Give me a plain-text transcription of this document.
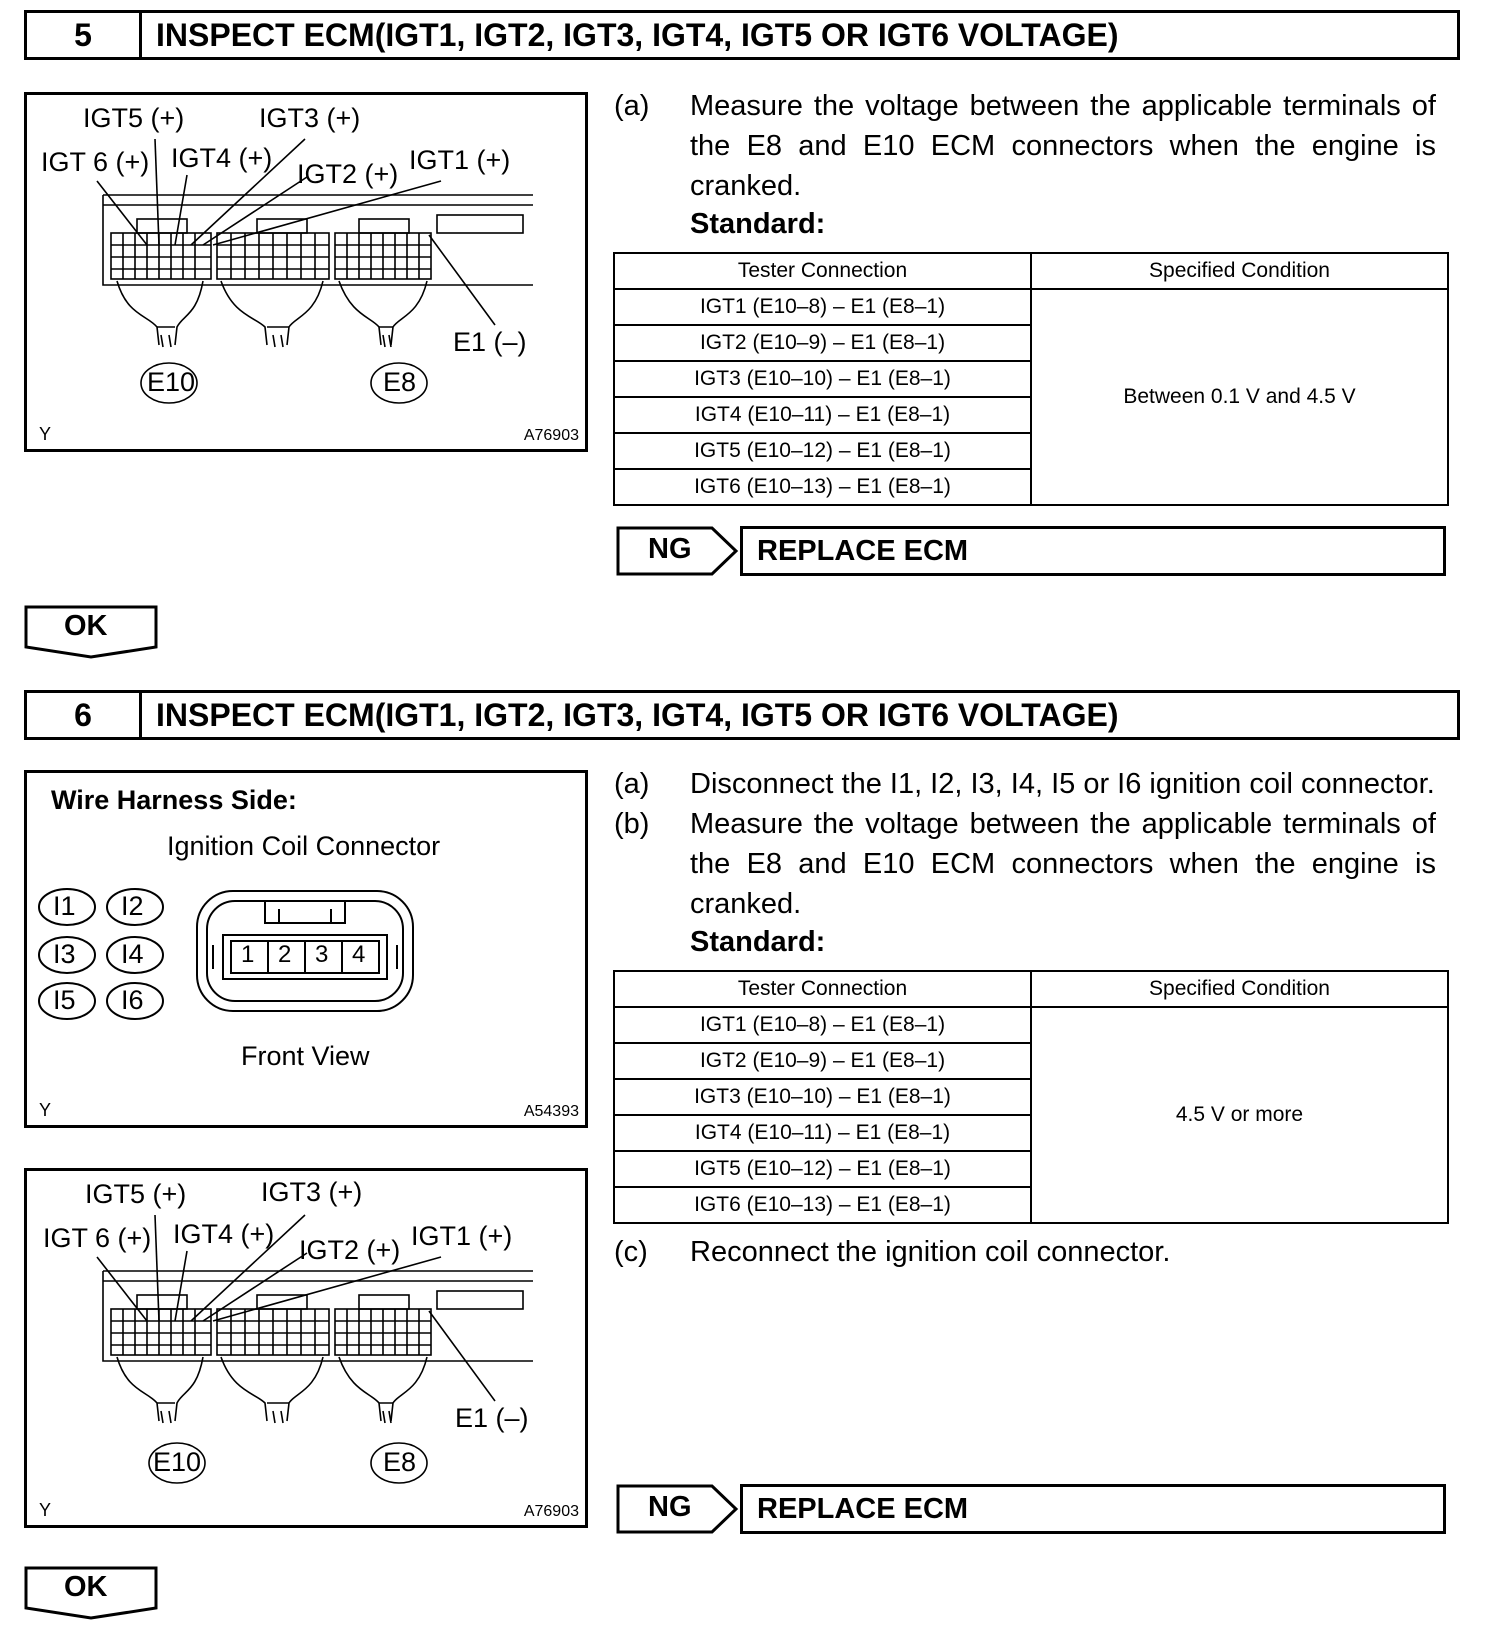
5	INSPECT ECM(IGT1, IGT2, IGT3, IGT4, IGT5 OR IGT6 VOLTAGE)
IGT5 (+)	IGT3 (+)
IGT 6 (+) IGT4 (+)
IGT2 (+) IGT1 (+)
E1 (–)
E10	E8
Y	A76903
(a) Measure the voltage between the applicable terminals of the E8 and E10 ECM connectors when the engine is cranked.
Standard:
Tester Connection	Specified Condition
IGT1 (E10–8) – E1 (E8–1)	Between 0.1 V and 4.5 V
IGT2 (E10–9) – E1 (E8–1)	
IGT3 (E10–10) – E1 (E8–1)	
IGT4 (E10–11) – E1 (E8–1)	
IGT5 (E10–12) – E1 (E8–1)	
IGT6 (E10–13) – E1 (E8–1)	
NG	REPLACE ECM
OK
6	INSPECT ECM(IGT1, IGT2, IGT3, IGT4, IGT5 OR IGT6 VOLTAGE)
Wire Harness Side:
Ignition Coil Connector
I1 I2
I3 I4
I5 I6
1 2 3 4
Front View
Y	A54393
IGT5 (+)	IGT3 (+)
IGT 6 (+) IGT4 (+)
IGT2 (+) IGT1 (+)
E1 (–)
E10	E8
Y	A76903
(a) Disconnect the I1, I2, I3, I4, I5 or I6 ignition coil connector.
(b) Measure the voltage between the applicable terminals of the E8 and E10 ECM connectors when the engine is cranked.
Standard:
Tester Connection	Specified Condition
IGT1 (E10–8) – E1 (E8–1)	4.5 V or more
IGT2 (E10–9) – E1 (E8–1)	
IGT3 (E10–10) – E1 (E8–1)	
IGT4 (E10–11) – E1 (E8–1)	
IGT5 (E10–12) – E1 (E8–1)	
IGT6 (E10–13) – E1 (E8–1)	
(c) Reconnect the ignition coil connector.
NG	REPLACE ECM
OK
